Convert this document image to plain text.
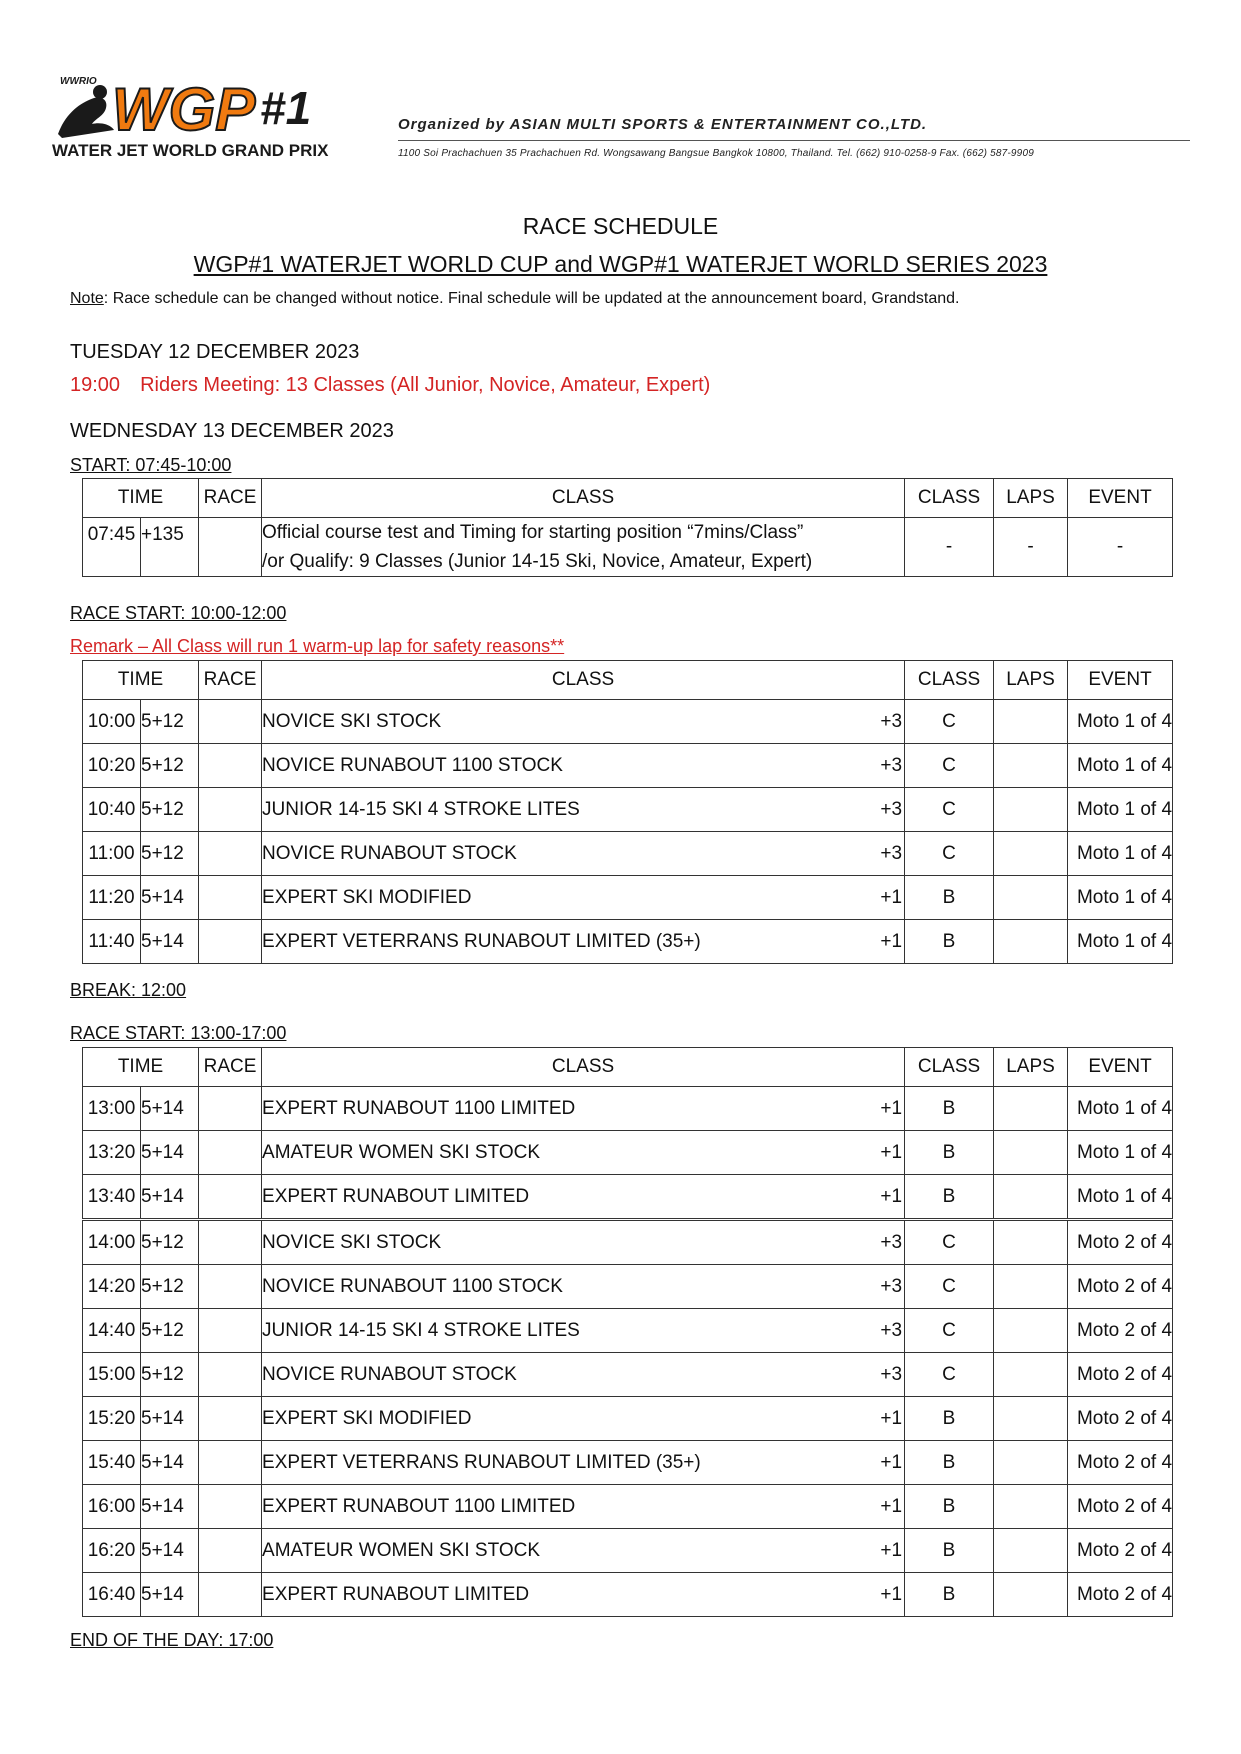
WWRIO WGP #1
WATER JET WORLD GRAND PRIX
Organized by ASIAN MULTI SPORTS & ENTERTAINMENT CO.,LTD.
1100 Soi Prachachuen 35 Prachachuen Rd. Wongsawang Bangsue Bangkok 10800, Thailand. Tel. (662) 910-0258-9 Fax. (662) 587-9909
RACE SCHEDULE
WGP#1 WATERJET WORLD CUP and WGP#1 WATERJET WORLD SERIES 2023
Note: Race schedule can be changed without notice. Final schedule will be updated at the announcement board, Grandstand.
TUESDAY 12 DECEMBER 2023
19:00 Riders Meeting: 13 Classes (All Junior, Novice, Amateur, Expert)
WEDNESDAY 13 DECEMBER 2023
START: 07:45-10:00
TIME		RACE	CLASS	CLASS	LAPS	EVENT
07:45	+135		Official course test and Timing for starting position “7mins/Class”
/or Qualify: 9 Classes (Junior 14-15 Ski, Novice, Amateur, Expert)	-	-	-
RACE START: 10:00-12:00
Remark – All Class will run 1 warm-up lap for safety reasons**
TIME		RACE	CLASS	CLASS	LAPS	EVENT
10:00	5+12		NOVICE SKI STOCK +3	C		Moto 1 of 4
10:20	5+12		NOVICE RUNABOUT 1100 STOCK +3	C		Moto 1 of 4
10:40	5+12		JUNIOR 14-15 SKI 4 STROKE LITES +3	C		Moto 1 of 4
11:00	5+12		NOVICE RUNABOUT STOCK +3	C		Moto 1 of 4
11:20	5+14		EXPERT SKI MODIFIED +1	B		Moto 1 of 4
11:40	5+14		EXPERT VETERRANS RUNABOUT LIMITED (35+) +1	B		Moto 1 of 4
BREAK: 12:00
RACE START: 13:00-17:00
TIME		RACE	CLASS	CLASS	LAPS	EVENT
13:00	5+14		EXPERT RUNABOUT 1100 LIMITED +1	B		Moto 1 of 4
13:20	5+14		AMATEUR WOMEN SKI STOCK +1	B		Moto 1 of 4
13:40	5+14		EXPERT RUNABOUT LIMITED +1	B		Moto 1 of 4
14:00	5+12		NOVICE SKI STOCK +3	C		Moto 2 of 4
14:20	5+12		NOVICE RUNABOUT 1100 STOCK +3	C		Moto 2 of 4
14:40	5+12		JUNIOR 14-15 SKI 4 STROKE LITES +3	C		Moto 2 of 4
15:00	5+12		NOVICE RUNABOUT STOCK +3	C		Moto 2 of 4
15:20	5+14		EXPERT SKI MODIFIED +1	B		Moto 2 of 4
15:40	5+14		EXPERT VETERRANS RUNABOUT LIMITED (35+) +1	B		Moto 2 of 4
16:00	5+14		EXPERT RUNABOUT 1100 LIMITED +1	B		Moto 2 of 4
16:20	5+14		AMATEUR WOMEN SKI STOCK +1	B		Moto 2 of 4
16:40	5+14		EXPERT RUNABOUT LIMITED +1	B		Moto 2 of 4
END OF THE DAY: 17:00
